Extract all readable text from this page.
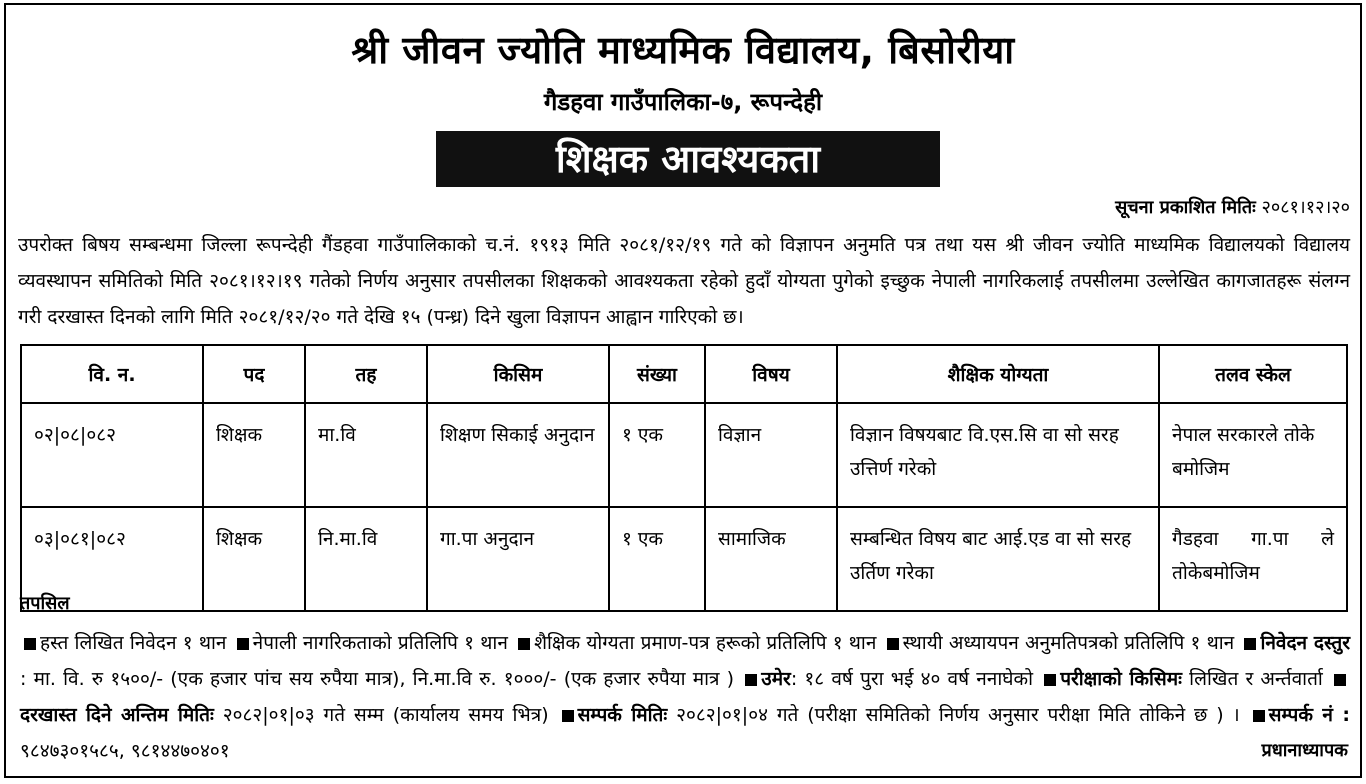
श्री जीवन ज्योति माध्यमिक विद्यालय, बिसोरीया
गैडहवा गाउँपालिका-७, रूपन्देही
शिक्षक आवश्यकता
सूचना प्रकाशित मितिः २०८१।१२।२०
उपरोक्त बिषय सम्बन्धमा जिल्ला रूपन्देही गैंडहवा गाउँपालिकाको च.नं. १९१३ मिति २०८१/१२/१९ गते को विज्ञापन अनुमति पत्र तथा यस श्री जीवन ज्योति माध्यमिक विद्यालयको विद्यालय व्यवस्थापन समितिको मिति २०८१।१२।१९ गतेको निर्णय अनुसार तपसीलका शिक्षकको आवश्यकता रहेको हुदाँ योग्यता पुगेको इच्छुक नेपाली नागरिकलाई तपसीलमा उल्लेखित कागजातहरू संलग्न गरी दरखास्त दिनको लागि मिति २०८१/१२/२० गते देखि १५ (पन्ध्र) दिने खुला विज्ञापन आह्वान गारिएको छ।
वि. न.	पद	तह	किसिम	संख्या	विषय	शैक्षिक योग्यता	तलव स्केल
०२|०८|०८२	शिक्षक	मा.वि	शिक्षण सिकाई अनुदान	१ एक	विज्ञान	विज्ञान विषयबाट वि.एस.सि वा सो सरह उत्तिर्ण गरेको	नेपाल सरकारले तोके बमोजिम
०३|०८१|०८२	शिक्षक	नि.मा.वि	गा.पा अनुदान	१ एक	सामाजिक	सम्बन्धित विषय बाट आई.एड वा सो सरह उर्तिण गरेका	गैडहवा गा.पा ले तोकेबमोजिम
तपसिल
हस्त लिखित निवेदन १ थान नेपाली नागरिकताको प्रतिलिपि १ थान शैक्षिक योग्यता प्रमाण-पत्र हरूको प्रतिलिपि १ थान स्थायी अध्यायपन अनुमतिपत्रको प्रतिलिपि १ थान निवेदन दस्तुर : मा. वि. रु १५००/- (एक हजार पांच सय रुपैया मात्र), नि.मा.वि रु. १०००/- (एक हजार रुपैया मात्र ) उमेर: १८ वर्ष पुरा भई ४० वर्ष ननाघेको परीक्षाको किसिमः लिखित र अर्न्तवार्ता दरखास्त दिने अन्तिम मितिः २०८२|०१|०३ गते सम्म (कार्यालय समय भित्र) सम्पर्क मितिः २०८२|०१|०४ गते (परीक्षा समितिको निर्णय अनुसार परीक्षा मिति तोकिने छ ) । सम्पर्क नं : ९८४७३०१५८५, ९८१४४७०४०१	प्रधानाध्यापक
